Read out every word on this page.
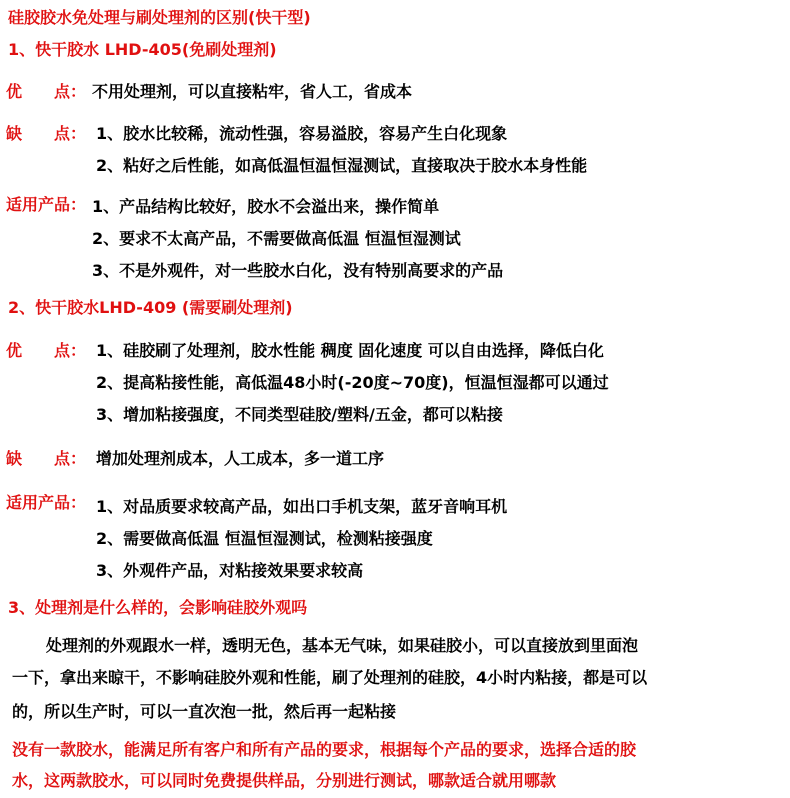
硅胶胶水免处理与刷处理剂的区别(快干型)
1、快干胶水 LHD-405(免刷处理剂)
优　　点： 不用处理剂，可以直接粘牢，省人工，省成本
缺　　点： 1、胶水比较稀，流动性强，容易溢胶，容易产生白化现象
2、粘好之后性能，如高低温恒温恒湿测试，直接取决于胶水本身性能
适用产品： 1、产品结构比较好，胶水不会溢出来，操作简单
2、要求不太高产品，不需要做高低温 恒温恒湿测试
3、不是外观件，对一些胶水白化，没有特别高要求的产品
2、快干胶水LHD-409 (需要刷处理剂)
优　　点： 1、硅胶刷了处理剂，胶水性能 稠度 固化速度 可以自由选择，降低白化
2、提高粘接性能，高低温48小时(-20度~70度)，恒温恒湿都可以通过
3、增加粘接强度，不同类型硅胶/塑料/五金，都可以粘接
缺　　点： 增加处理剂成本，人工成本，多一道工序
适用产品： 1、对品质要求较高产品，如出口手机支架，蓝牙音响耳机
2、需要做高低温 恒温恒湿测试，检测粘接强度
3、外观件产品，对粘接效果要求较高
3、处理剂是什么样的，会影响硅胶外观吗
处理剂的外观跟水一样，透明无色，基本无气味，如果硅胶小，可以直接放到里面泡
一下，拿出来晾干，不影响硅胶外观和性能，刷了处理剂的硅胶，4小时内粘接，都是可以
的，所以生产时，可以一直次泡一批，然后再一起粘接
没有一款胶水，能满足所有客户和所有产品的要求，根据每个产品的要求，选择合适的胶
水，这两款胶水，可以同时免费提供样品，分别进行测试，哪款适合就用哪款
